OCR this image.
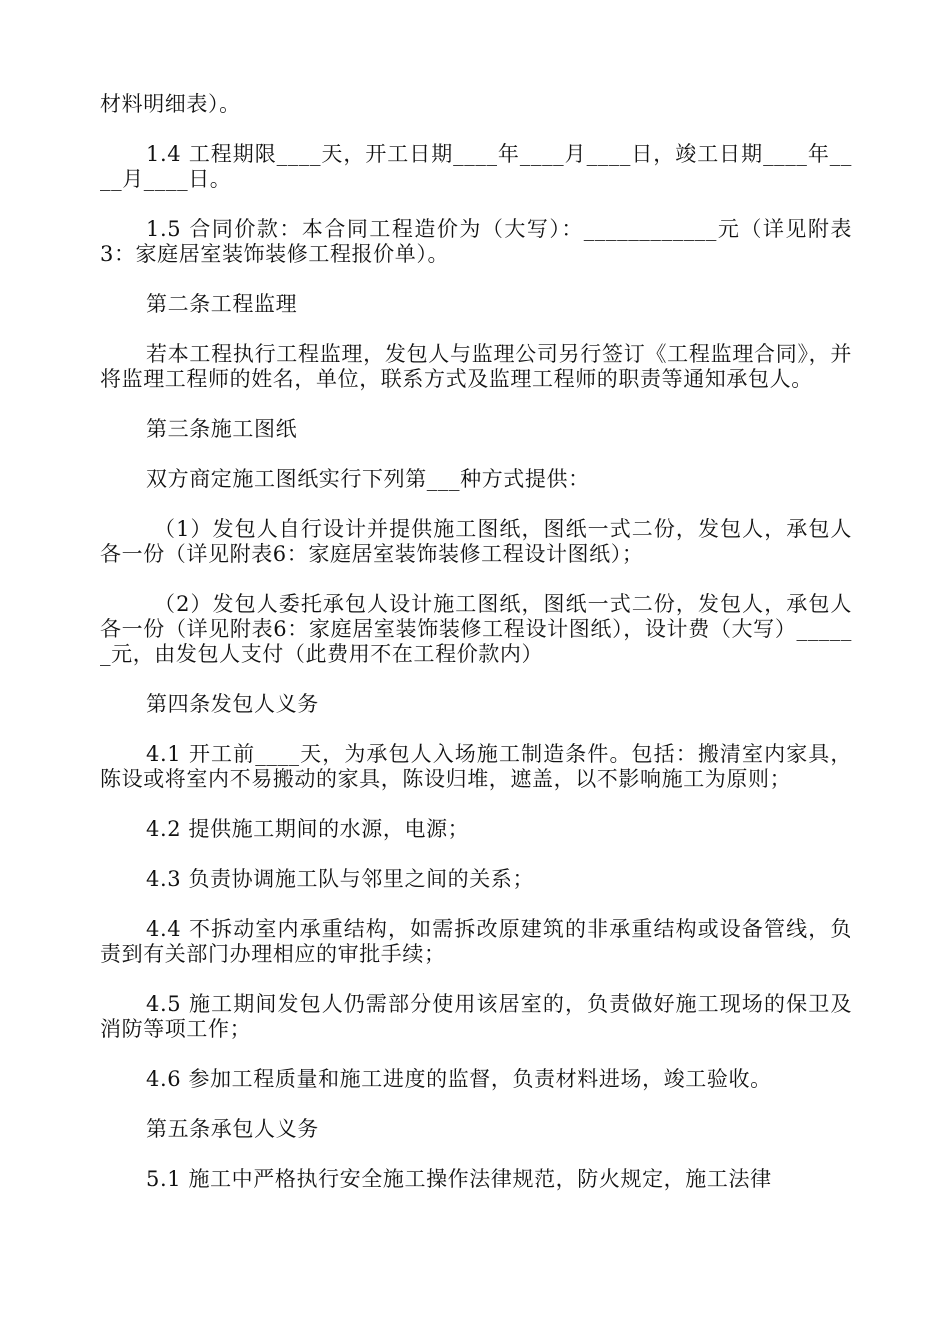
材料明细表）。

1.4 工程期限____天，开工日期____年____月____日，竣工日期____年____月____日。

1.5 合同价款：本合同工程造价为（大写）：____________元（详见附表3：家庭居室装饰装修工程报价单）。

第二条工程监理

若本工程执行工程监理，发包人与监理公司另行签订《工程监理合同》，并将监理工程师的姓名，单位，联系方式及监理工程师的职责等通知承包人。

第三条施工图纸

双方商定施工图纸实行下列第___种方式提供：

（1）发包人自行设计并提供施工图纸，图纸一式二份，发包人，承包人各一份（详见附表6：家庭居室装饰装修工程设计图纸）；

（2）发包人委托承包人设计施工图纸，图纸一式二份，发包人，承包人各一份（详见附表6：家庭居室装饰装修工程设计图纸），设计费（大写）______元，由发包人支付（此费用不在工程价款内）

第四条发包人义务

4.1 开工前____天，为承包人入场施工制造条件。包括：搬清室内家具，陈设或将室内不易搬动的家具，陈设归堆，遮盖，以不影响施工为原则；

4.2 提供施工期间的水源，电源；

4.3 负责协调施工队与邻里之间的关系；

4.4 不拆动室内承重结构，如需拆改原建筑的非承重结构或设备管线，负责到有关部门办理相应的审批手续；

4.5 施工期间发包人仍需部分使用该居室的，负责做好施工现场的保卫及消防等项工作；

4.6 参加工程质量和施工进度的监督，负责材料进场，竣工验收。

第五条承包人义务

5.1 施工中严格执行安全施工操作法律规范，防火规定，施工法律
